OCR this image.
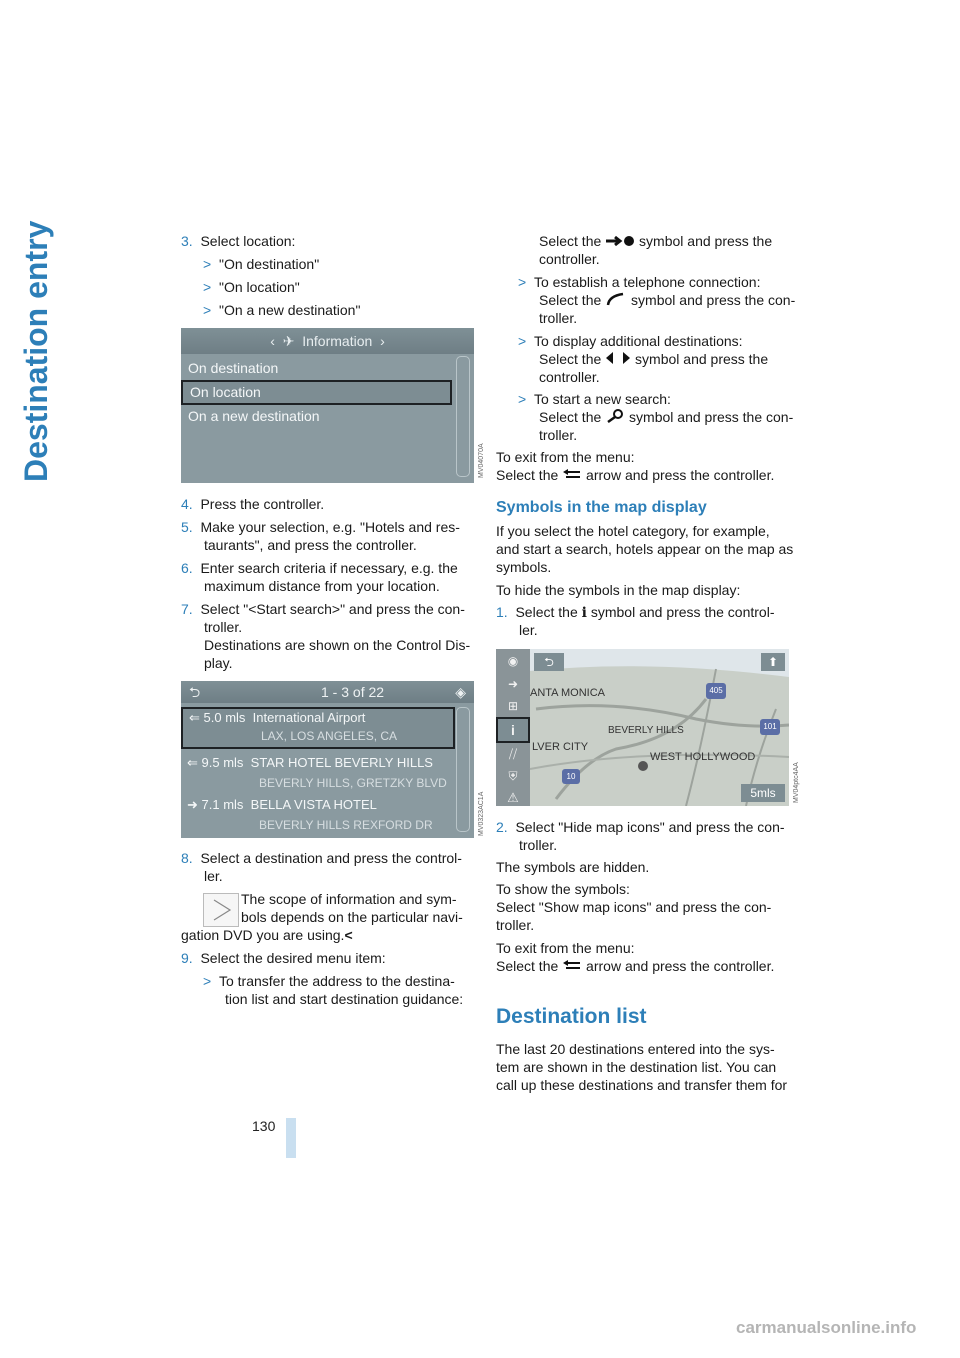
Destination entry
130
3. Select location:
> "On destination"
> "On location"
> "On a new destination"
‹ ✈ Information ›
On destination
On location
On a new destination
MV04070A
4. Press the controller.
5. Make your selection, e.g. "Hotels and res-
taurants", and press the controller.
6. Enter search criteria if necessary, e.g. the
maximum distance from your location.
7. Select "<Start search>" and press the con-
troller.
Destinations are shown on the Control Dis-
play.
⮌	1 - 3 of 22	◈
⇐ 5.0 mls International Airport
LAX, LOS ANGELES, CA
⇐ 9.5 mls STAR HOTEL BEVERLY HILLS
BEVERLY HILLS, GRETZKY BLVD
➜ 7.1 mls BELLA VISTA HOTEL
BEVERLY HILLS REXFORD DR	MV0323AC1A
8. Select a destination and press the control-
ler.
The scope of information and sym-
bols depends on the particular navi-
gation DVD you are using.<
9. Select the desired menu item:
> To transfer the address to the destina-
tion list and start destination guidance:
Select the	symbol and press the
controller.
> To establish a telephone connection:
Select the symbol and press the con-
troller.
> To display additional destinations:
Select the symbol and press the
controller.
> To start a new search:
Select the symbol and press the con-
troller.
To exit from the menu:
Select the arrow and press the controller.
Symbols in the map display
If you select the hotel category, for example,
and start a search, hotels appear on the map as
symbols.
To hide the symbols in the map display:
1. Select the i symbol and press the control-
ler.
◉
➜
⊞
i
⧸⧸
⛨
⚠
⮌	⬆
ANTA MONICA
BEVERLY HILLS
LVER CITY
WEST HOLLYWOOD
405
101
10
5mls	MV04ptc4AA
2. Select "Hide map icons" and press the con-
troller.
The symbols are hidden.
To show the symbols:
Select "Show map icons" and press the con-
troller.
To exit from the menu:
Select the arrow and press the controller.
Destination list
The last 20 destinations entered into the sys-
tem are shown in the destination list. You can
call up these destinations and transfer them for
carmanualsonline.info
